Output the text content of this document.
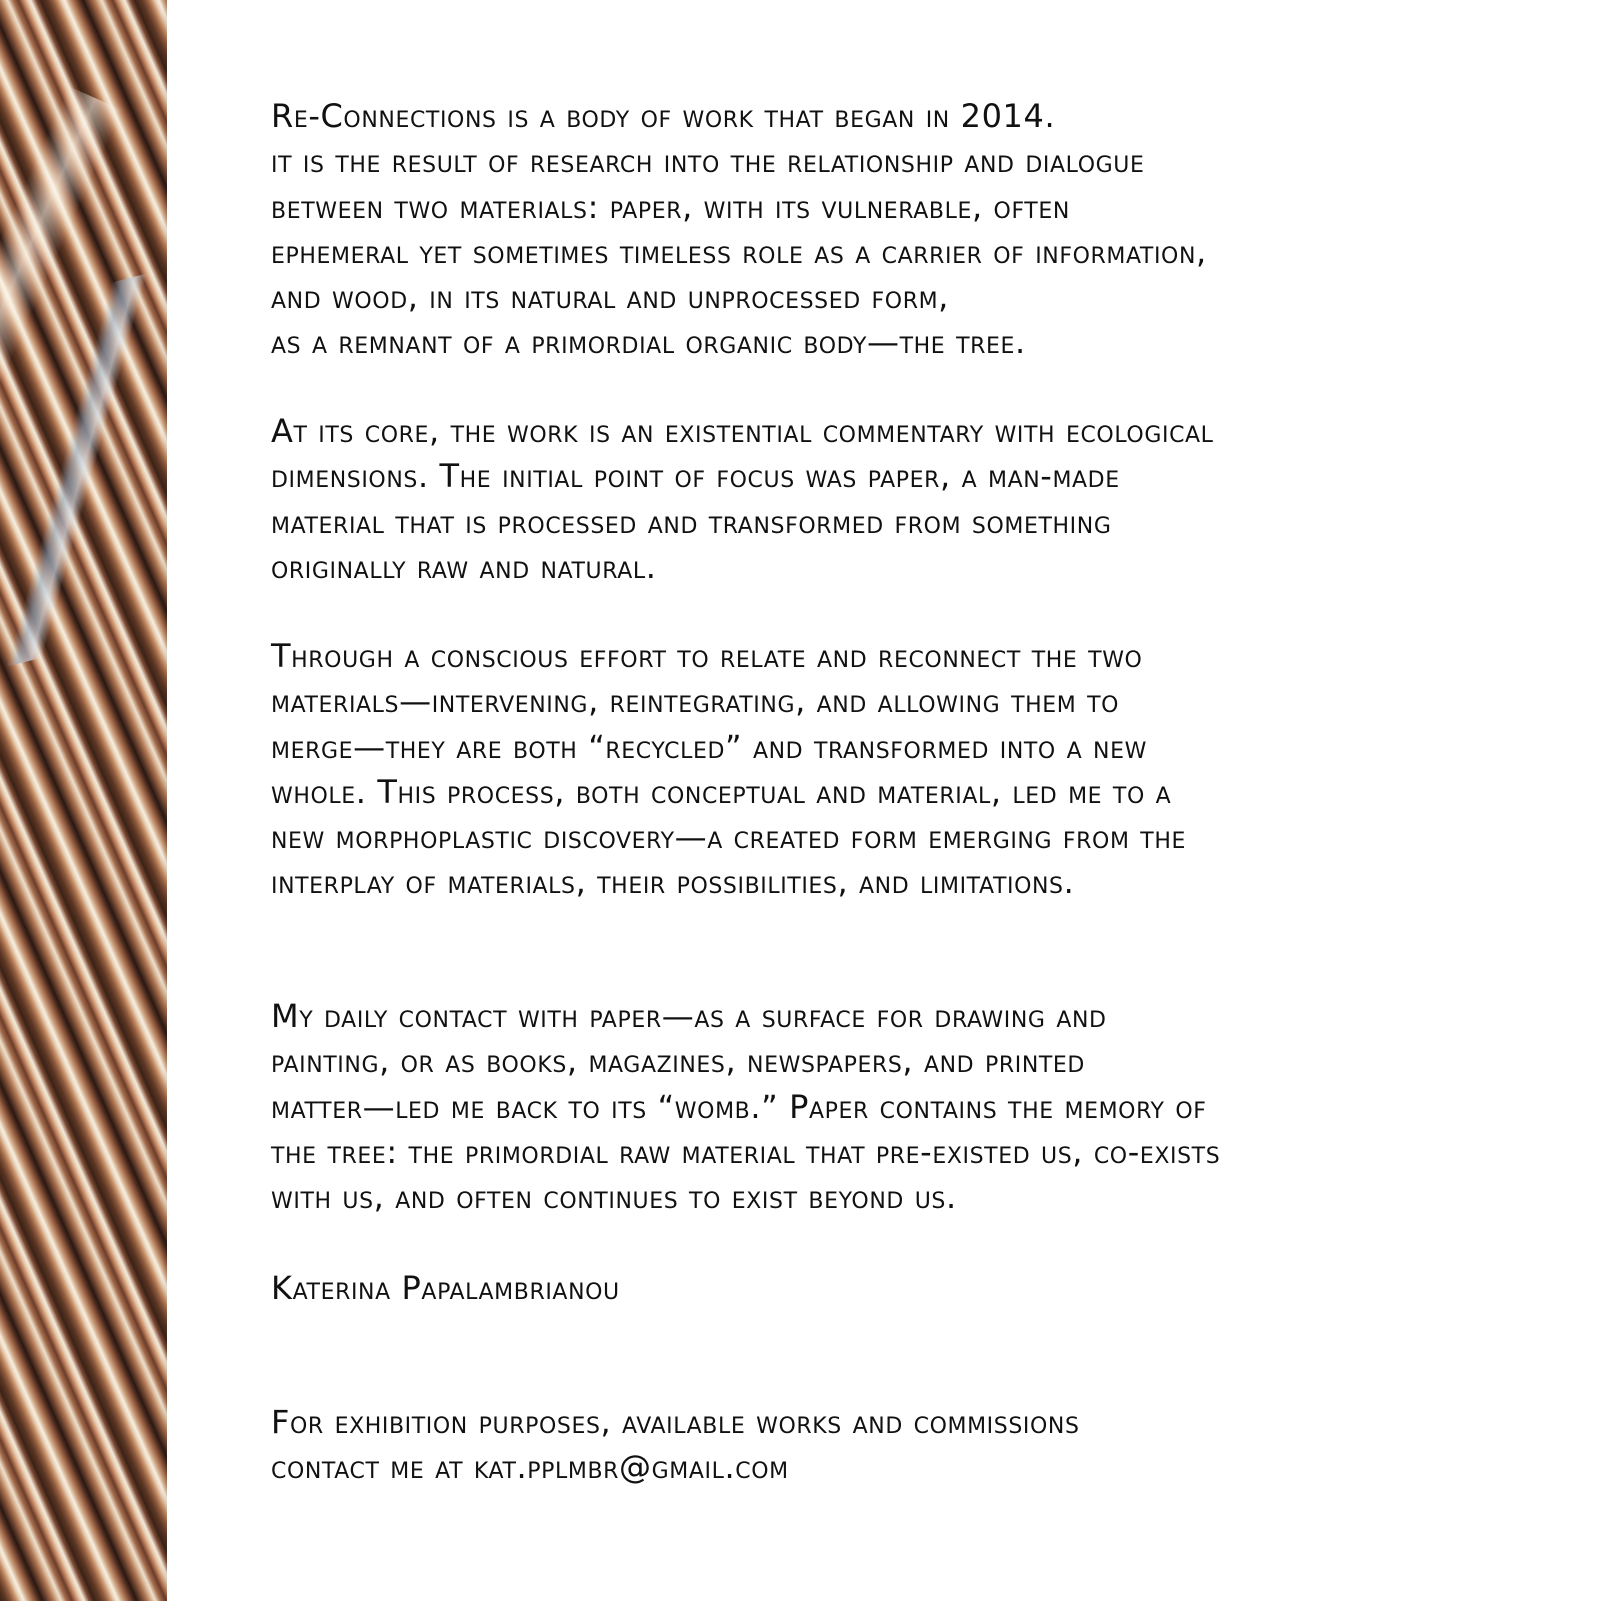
Re-Connections is a body of work that began in 2014.
it is the result of research into the relationship and dialogue
between two materials: paper, with its vulnerable, often
ephemeral yet sometimes timeless role as a carrier of information,
and wood, in its natural and unprocessed form,
as a remnant of a primordial organic body—the tree.

At its core, the work is an existential commentary with ecological
dimensions. The initial point of focus was paper, a man-made
material that is processed and transformed from something
originally raw and natural.

Through a conscious effort to relate and reconnect the two
materials—intervening, reintegrating, and allowing them to
merge—they are both “recycled” and transformed into a new
whole. This process, both conceptual and material, led me to a
new morphoplastic discovery—a created form emerging from the
interplay of materials, their possibilities, and limitations.

My daily contact with paper—as a surface for drawing and
painting, or as books, magazines, newspapers, and printed
matter—led me back to its “womb.” Paper contains the memory of
the tree: the primordial raw material that pre-existed us, co-exists
with us, and often continues to exist beyond us.

Katerina Papalambrianou

For exhibition purposes, available works and commissions
contact me at kat.pplmbr@gmail.com
